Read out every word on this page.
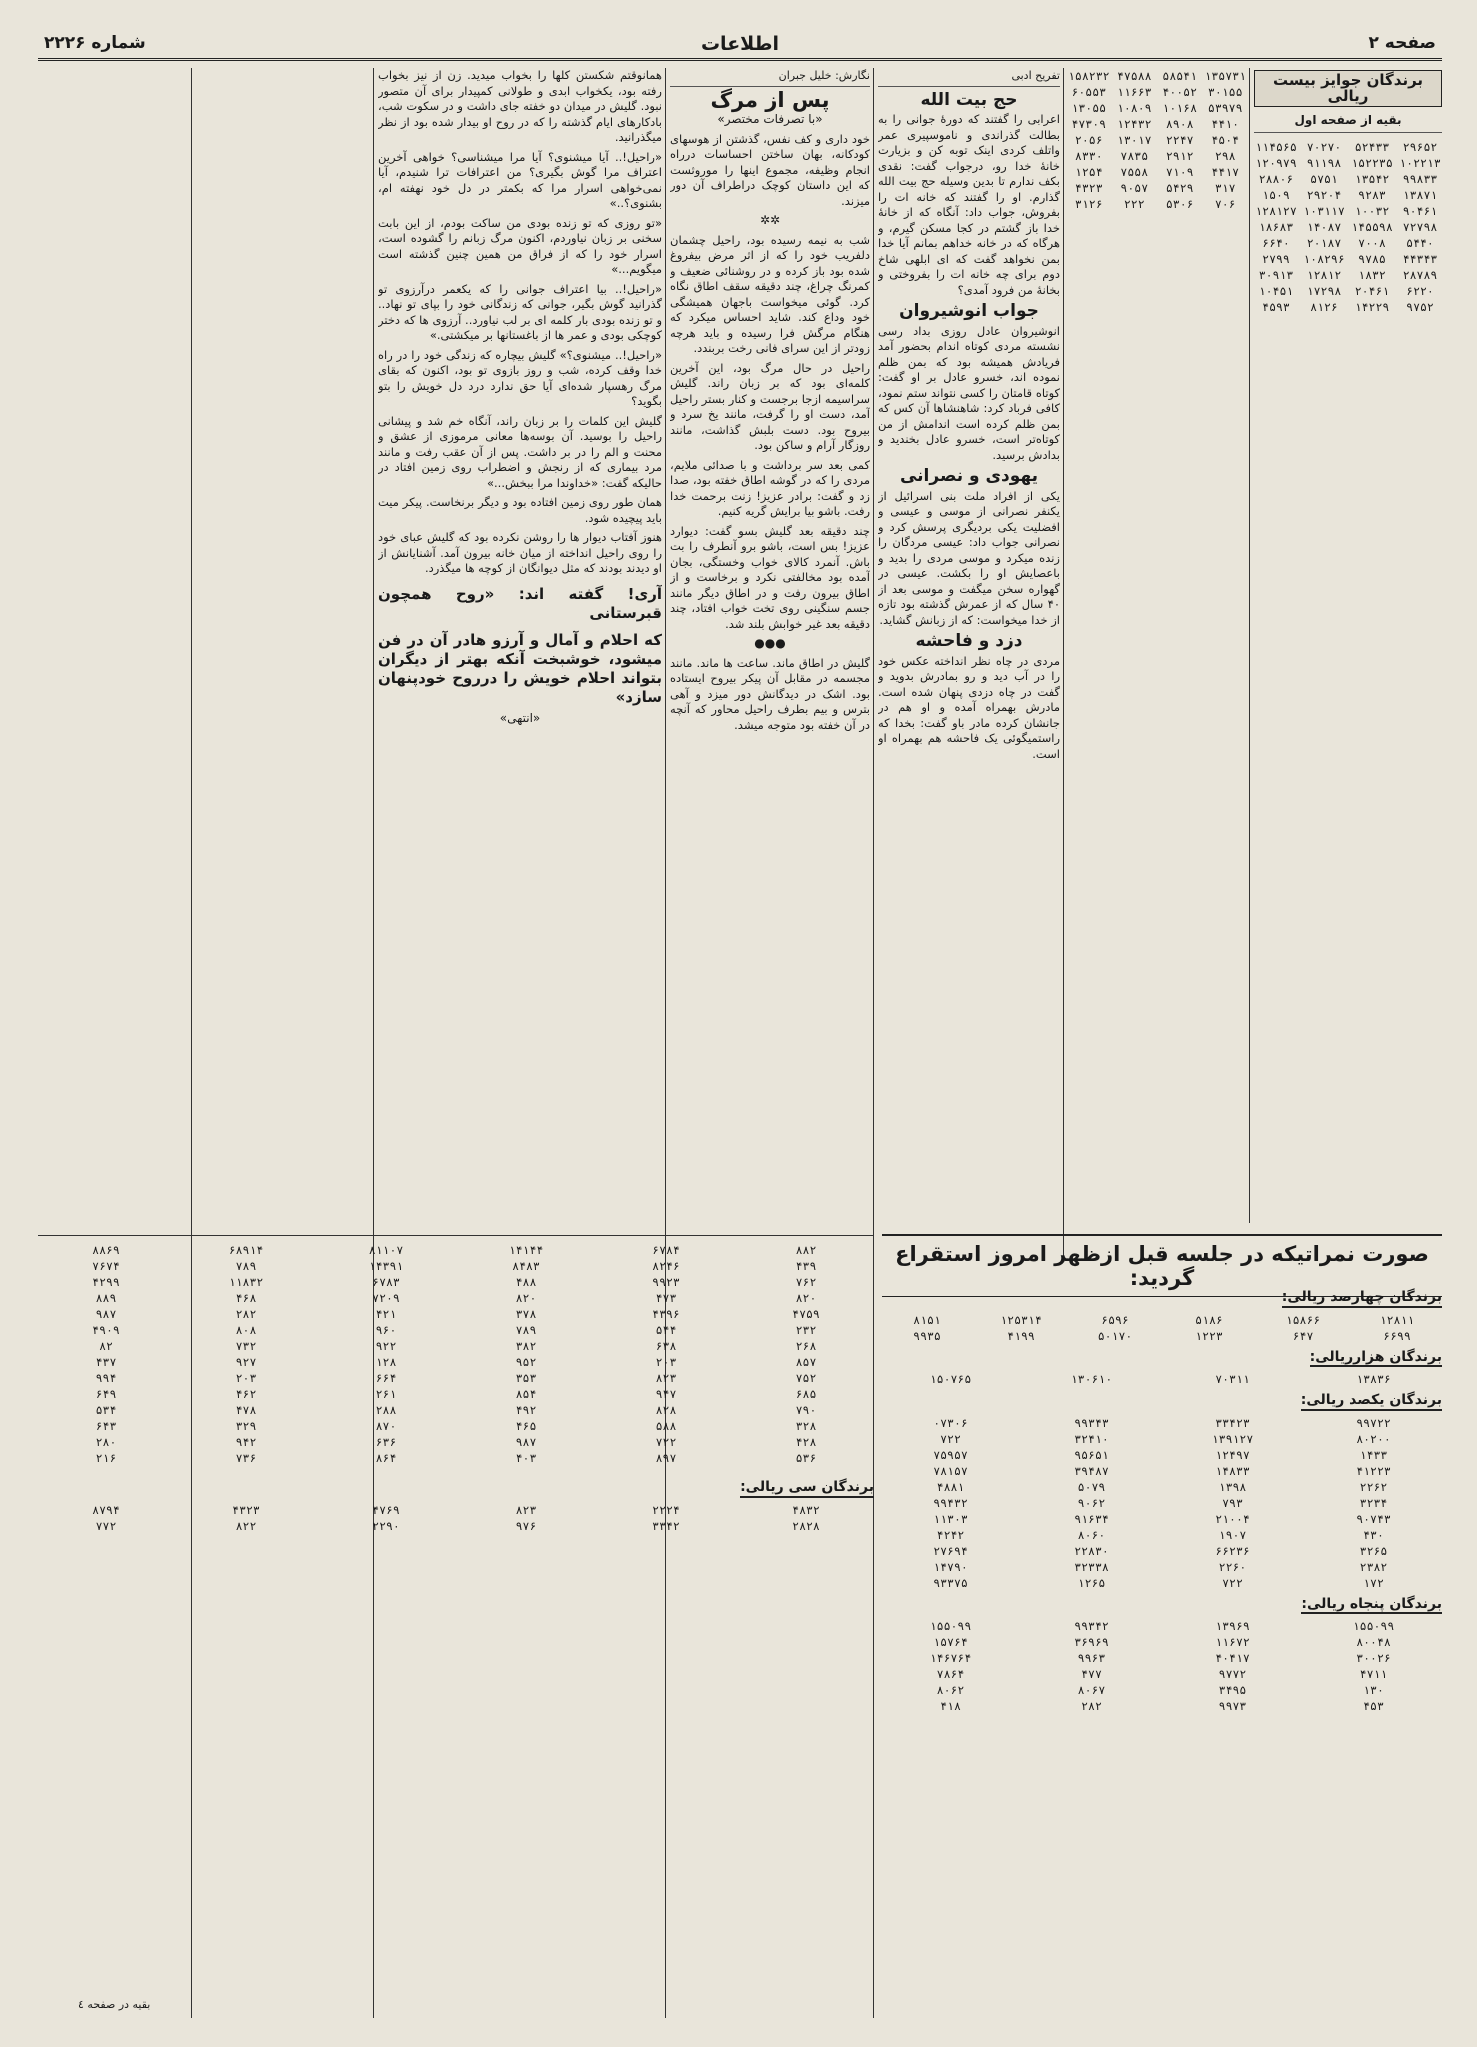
صفحه ۲
اطلاعات
شماره ۲۲۲۶
برندگان جوایز بیست ریالی
بقیه از صفحه اول
۱۱۴۵۶۵ ۷۰۲۷۰	۵۲۴۳۳	۲۹۶۵۲
۱۲۰۹۷۹ ۹۱۱۹۸ ۱۵۲۲۳۵ ۱۰۲۲۱۳
۲۸۸۰۶	۵۷۵۱	۱۳۵۴۲	۹۹۸۳۳
۱۵۰۹	۲۹۲۰۴	۹۲۸۳	۱۳۸۷۱
۱۲۸۱۲۷ ۱۰۳۱۱۷ ۱۰۰۳۲	۹۰۴۶۱
۱۸۶۸۳	۱۴۰۸۷ ۱۴۵۵۹۸ ۷۲۷۹۸
۶۶۴۰	۲۰۱۸۷	۷۰۰۸	۵۴۴۰
۲۷۹۹	۱۰۸۲۹۶	۹۷۸۵	۴۴۳۴۳
۳۰۹۱۳	۱۲۸۱۲	۱۸۳۲	۲۸۷۸۹
۱۰۴۵۱	۱۷۲۹۸	۲۰۴۶۱	۶۲۲۰
۴۵۹۳	۸۱۲۶	۱۴۲۲۹	۹۷۵۲
۱۵۸۲۳۲ ۴۷۵۸۸ ۵۸۵۴۱ ۱۳۵۷۳۱
۶۰۵۵۳ ۱۱۶۶۳ ۴۰۰۵۲ ۳۰۱۵۵
۱۳۰۵۵ ۱۰۸۰۹ ۱۰۱۶۸ ۵۳۹۷۹
۴۷۳۰۹ ۱۲۴۳۲	۸۹۰۸	۴۴۱۰
۲۰۵۶	۱۳۰۱۷	۲۲۴۷	۴۵۰۴
۸۳۳۰	۷۸۳۵	۲۹۱۲	۲۹۸
۱۲۵۴	۷۵۵۸	۷۱۰۹	۴۴۱۷
۴۳۲۳	۹۰۵۷	۵۴۲۹	۳۱۷
۳۱۲۶	۲۲۲	۵۳۰۶	۷۰۶
تفریح ادبی
حج بیت الله

اعرابی را گفتند که دورهٔ جوانی را به بطالت گذراندی و ناموسپیری عمر واتلف کردی اینک توبه کن و بزیارت خانهٔ خدا رو، درجواب گفت: نقدی بکف ندارم تا بدین وسیله حج بیت الله گذارم. او را گفتند که خانه ات را بفروش، جواب داد: آنگاه که از خانهٔ خدا باز گشتم در کجا مسکن گیرم، و هرگاه که در خانه خداهم بمانم آیا خدا بمن نخواهد گفت که ای ابلهی شاخ دوم برای چه خانه ات را بفروختی و بخانهٔ من فرود آمدی؟

جواب انوشیروان

انوشیروان عادل روزی بداد رسی نشسته مردی کوتاه اندام بحضور آمد فریادش همیشه بود که بمن ظلم نموده اند، خسرو عادل بر او گفت: کوتاه قامتان را کسی نتواند ستم نمود، کافی فرباد کرد: شاهنشاها آن کس که بمن ظلم کرده است اندامش از من کوتاه‌تر است، خسرو عادل بخندید و بدادش برسید.

یهودی و نصرانی

یکی از افراد ملت بنی اسرائیل از یکنفر نصرانی از موسی و عیسی و افضلیت یکی بردیگری پرسش کرد و نصرانی جواب داد: عیسی مردگان را زنده میکرد و موسی مردی را بدید و باعصایش او را بکشت. عیسی در گهواره سخن میگفت و موسی بعد از ۴۰ سال که از عمرش گذشته بود تازه از خدا میخواست: که از زبانش گشاید.

دزد و فاحشه

مردی در چاه نظر انداخته عکس خود را در آب دید و رو بمادرش بدوید و گفت در چاه دزدی پنهان شده است. مادرش بهمراه آمده و او هم در جانشان کرده مادر باو گفت: بخدا که راستمیگوئی یک فاحشه هم بهمراه او است.

نگارش: خلیل جبران
پس از مرگ
«با تصرفات مختصر»

خود داری و کف نفس، گذشتن از هوسهای کودکانه، بهان ساختن احساسات درراه انجام وظیفه، مجموع اینها را موروثست که این داستان کوچک دراطراف آن دور میزند.

✲✲

شب به نیمه رسیده بود، راحیل چشمان دلفریب خود را که از اثر مرض بیفروغ شده بود باز کرده و در روشنائی ضعیف و کمرنگ چراغ، چند دقیقه سقف اطاق نگاه کرد. گوئی میخواست باجهان همیشگی خود وداع کند. شاید احساس میکرد که هنگام مرگش فرا رسیده و باید هرچه زودتر از این سرای فانی رخت بربندد.

راحیل در حال مرگ بود، این آخرین کلمه‌ای بود که بر زبان راند. گلیش سراسیمه ازجا برجست و کنار بستر راحیل آمد، دست او را گرفت، مانند یخ سرد و بیروح بود. دست بلبش گذاشت، مانند روزگار آرام و ساکن بود.

کمی بعد سر برداشت و با صدائی ملایم، مردی را که در گوشه اطاق خفته بود، صدا زد و گفت: برادر عزیز! زنت برحمت خدا رفت. باشو بیا برایش گریه کنیم.

چند دقیقه بعد گلیش بسو گفت: دیوارد عزیز! بس است، باشو برو آنطرف را بت باش. آنمرد کالای خواب وخستگی، بجان آمده بود مخالفتی نکرد و برخاست و از اطاق بیرون رفت و در اطاق دیگر مانند جسم سنگینی روی تخت خواب افتاد، چند دقیقه بعد غیر خوابش بلند شد.

●●●

گلیش در اطاق ماند. ساعت ها ماند. مانند مجسمه در مقابل آن پیکر بیروح ایستاده بود. اشک در دیدگانش دور میزد و آهی بترس و بیم بطرف راحیل محاور که آنچه در آن خفته بود متوجه میشد.

همانوقتم شکستن کلها را بخواب میدید. زن از نیز بخواب رفته بود، یکخواب ابدی و طولانی کمپیدار برای آن متصور نبود. گلیش در میدان دو خفته جای داشت و در سکوت شب، بادکارهای ایام گذشته را که در روح او بیدار شده بود از نظر میگذرانید.

«راحیل!.. آیا میشنوی؟ آیا مرا میشناسی؟ خواهی آخرین اعتراف مرا گوش بگیری؟ من اعترافات ترا شنیدم، آیا نمی‌خواهی اسرار مرا که بکمتر در دل خود نهفته ام، بشنوی؟..»

«تو روزی که تو زنده بودی من ساکت بودم، از این بابت سخنی بر زبان نیاوردم، اکنون مرگ زبانم را گشوده است، اسرار خود را که از فراق من همین چنین گذشته است میگویم...»

«راحیل!.. بیا اعتراف جوانی را که یکعمر درآرزوی تو گذرانید گوش بگیر، جوانی که زندگانی خود را بپای تو نهاد.. و تو زنده بودی بار کلمه ای بر لب نیاورد.. آرزوی ها که دختر کوچکی بودی و عمر ها از باغستانها بر میکشتی.»

«راحیل!.. میشنوی؟» گلیش بیچاره که زندگی خود را در راه خدا وقف کرده، شب و روز بازوی تو بود، اکنون که بقای مرگ رهسپار شده‌ای آیا حق ندارد درد دل خویش را بتو بگوید؟

گلیش این کلمات را بر زبان راند، آنگاه خم شد و پیشانی راحیل را بوسید. آن بوسه‌ها معانی مرموزی از عشق و محنت و الم را در بر داشت. پس از آن عقب رفت و مانند مرد بیماری که از رنجش و اضطراب روی زمین افتاد در حالیکه گفت: «خداوندا مرا ببخش...»

همان طور روی زمین افتاده بود و دیگر برنخاست. پیکر میت باید پیچیده شود.

هنوز آفتاب دیوار ها را روشن نکرده بود که گلیش عبای خود را روی راحیل انداخته از میان خانه بیرون آمد. آشنایانش از او دیدند بودند که مثل دیوانگان از کوچه ها میگذرد.

آری! گفته اند: «روح همچون قبرستانی
که احلام و آمال و آرزو هادر آن در فن میشود، خوشبخت آنکه بهتر از دیگران بتواند احلام خویش را درروح خودپنهان سازد»
«انتهی»
صورت نمراتیکه در جلسه قبل ازظهر امروز استقراع گردید:
برندگان چهارصد ریالی:
۸۱۵۱	۱۲۵۳۱۴	۶۵۹۶	۵۱۸۶	۱۵۸۶۶	۱۲۸۱۱
۹۹۳۵	۴۱۹۹	۵۰۱۷۰	۱۲۲۳	۶۴۷	۶۶۹۹
برندگان هزارریالی:
۱۵۰۷۶۵	۱۳۰۶۱۰	۷۰۳۱۱	۱۳۸۳۶
برندگان یکصد ریالی:
۰۷۳۰۶	۹۹۳۴۳	۳۳۴۲۳	۹۹۷۲۲
۷۲۲	۳۲۴۱۰	۱۳۹۱۲۷	۸۰۲۰۰
۷۵۹۵۷	۹۵۶۵۱	۱۲۴۹۷	۱۴۳۳
۷۸۱۵۷	۳۹۴۸۷	۱۴۸۳۳	۴۱۲۲۳
۴۸۸۱	۵۰۷۹	۱۳۹۸	۲۲۶۲
۹۹۴۳۲	۹۰۶۲	۷۹۳	۳۲۳۴
۱۱۳۰۳	۹۱۶۳۴	۲۱۰۰۴	۹۰۷۴۳
۴۲۴۲	۸۰۶۰	۱۹۰۷	۴۳۰
۲۷۶۹۴	۲۲۸۳۰	۶۶۲۳۶	۳۲۶۵
۱۴۷۹۰	۳۲۳۳۸	۲۲۶۰	۲۳۸۲
۹۳۳۷۵	۱۲۶۵	۷۲۲	۱۷۲
برندگان پنجاه ریالی:
۱۵۵۰۹۹	۹۹۳۴۲	۱۳۹۶۹	۱۵۵۰۹۹
۱۵۷۶۴	۳۶۹۶۹	۱۱۶۷۲	۸۰۰۴۸
۱۴۶۷۶۴	۹۹۶۳	۴۰۴۱۷	۳۰۰۲۶
۷۸۶۴	۴۷۷	۹۷۷۲	۴۷۱۱
۸۰۶۲	۸۰۶۷	۳۴۹۵	۱۳۰
۴۱۸	۲۸۲	۹۹۷۳	۴۵۳
۸۸۶۹	۶۸۹۱۴	۸۱۱۰۷	۱۴۱۴۴	۶۷۸۴	۸۸۲
۷۶۷۴	۷۸۹	۱۴۳۹۱	۸۴۸۳	۸۲۴۶	۴۳۹
۴۲۹۹	۱۱۸۳۲	۶۷۸۳	۴۸۸	۹۹۲۳	۷۶۲
۸۸۹	۴۶۸	۷۲۰۹	۸۲۰	۴۷۳	۸۲۰
۹۸۷	۲۸۲	۴۲۱	۳۷۸	۴۳۹۶	۴۷۵۹
۴۹۰۹	۸۰۸	۹۶۰	۷۸۹	۵۴۴	۲۳۲
۸۲	۷۳۲	۹۲۲	۳۸۲	۶۳۸	۲۶۸
۴۳۷	۹۲۷	۱۲۸	۹۵۲	۲۰۳	۸۵۷
۹۹۴	۲۰۳	۶۶۴	۳۵۳	۸۲۳	۷۵۲
۶۴۹	۴۶۲	۲۶۱	۸۵۴	۹۴۷	۶۸۵
۵۳۴	۴۷۸	۲۸۸	۴۹۲	۸۲۸	۷۹۰
۶۴۳	۳۲۹	۸۷۰	۴۶۵	۵۸۸	۳۲۸
۲۸۰	۹۴۲	۶۳۶	۹۸۷	۷۲۲	۴۲۸
۲۱۶	۷۳۶	۸۶۴	۴۰۳	۸۹۷	۵۳۶
برندگان سی ریالی:
۸۷۹۴	۴۳۲۳	۴۷۶۹	۸۲۳	۲۲۲۴	۴۸۳۲
۷۷۲	۸۲۲	۲۲۹۰	۹۷۶	۳۳۴۲	۲۸۲۸
بقیه در صفحه ٤
